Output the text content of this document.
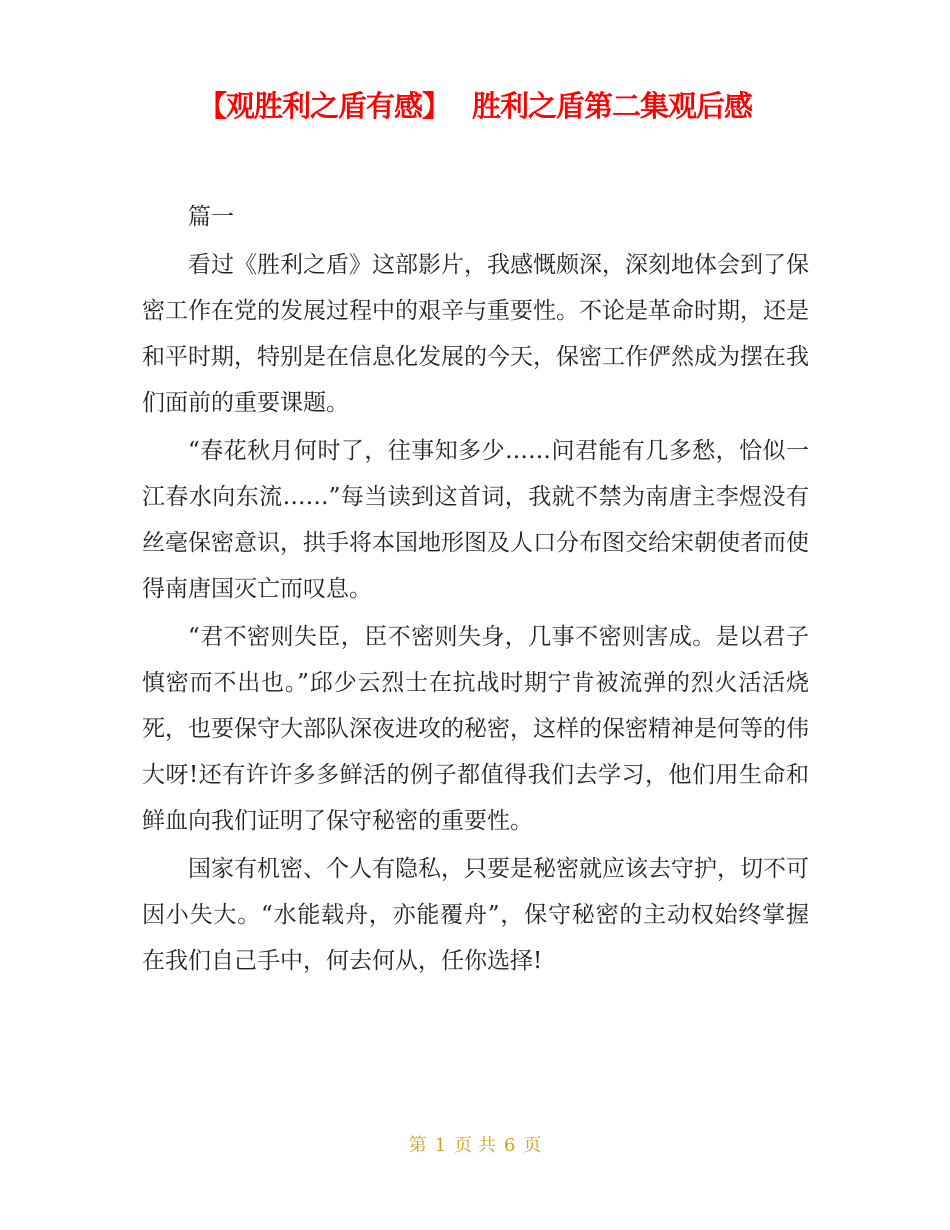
【观胜利之盾有感】 胜利之盾第二集观后感

篇一

看过《胜利之盾》这部影片，我感慨颇深，深刻地体会到了保密工作在党的发展过程中的艰辛与重要性。不论是革命时期，还是和平时期，特别是在信息化发展的今天，保密工作俨然成为摆在我们面前的重要课题。

“春花秋月何时了，往事知多少……问君能有几多愁，恰似一江春水向东流……”每当读到这首词，我就不禁为南唐主李煜没有丝毫保密意识，拱手将本国地形图及人口分布图交给宋朝使者而使得南唐国灭亡而叹息。

“君不密则失臣，臣不密则失身，几事不密则害成。是以君子慎密而不出也。”邱少云烈士在抗战时期宁肯被流弹的烈火活活烧死，也要保守大部队深夜进攻的秘密，这样的保密精神是何等的伟大呀!还有许许多多鲜活的例子都值得我们去学习，他们用生命和鲜血向我们证明了保守秘密的重要性。

国家有机密、个人有隐私，只要是秘密就应该去守护，切不可因小失大。“水能载舟，亦能覆舟”，保守秘密的主动权始终掌握在我们自己手中，何去何从，任你选择!

第 1 页 共 6 页
